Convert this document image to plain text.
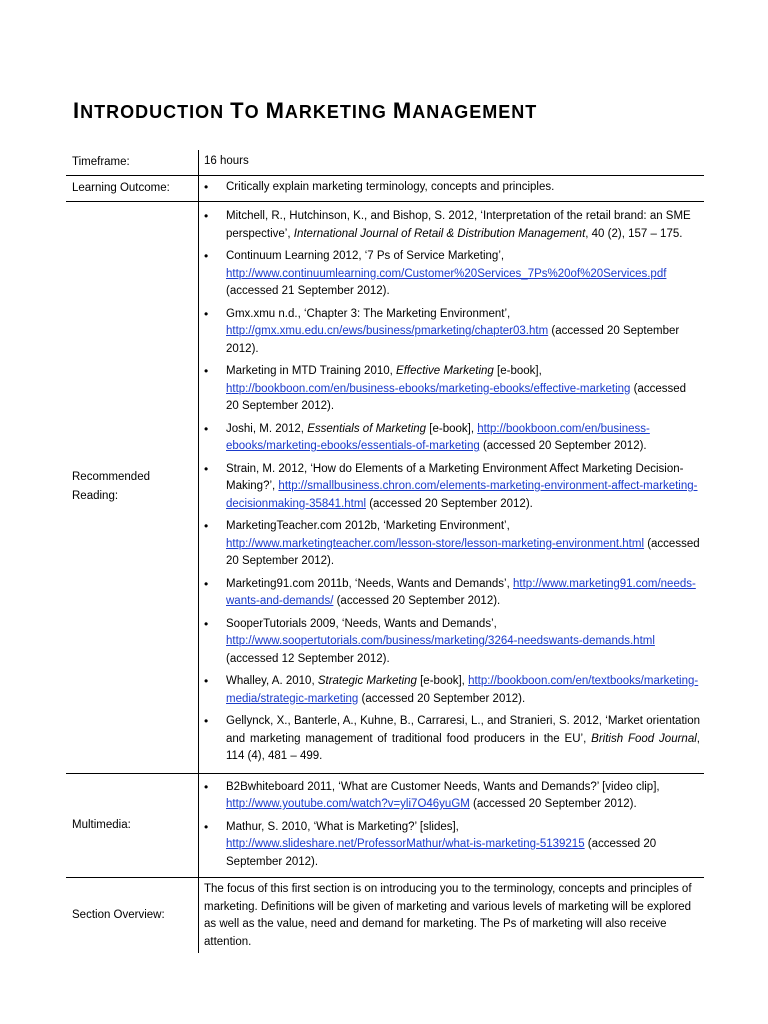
INTRODUCTION TO MARKETING MANAGEMENT
Timeframe:	16 hours
Learning Outcome:
•	Critically explain marketing terminology, concepts and principles.
Recommended Reading:
• Mitchell, R., Hutchinson, K., and Bishop, S. 2012, ‘Interpretation of the retail brand: an SME perspective’, International Journal of Retail & Distribution Management, 40 (2), 157 – 175.
• Continuum Learning 2012, ‘7 Ps of Service Marketing’, http://www.continuumlearning.com/Customer%20Services_7Ps%20of%20Services.pdf (accessed 21 September 2012).
• Gmx.xmu n.d., ‘Chapter 3: The Marketing Environment’, http://gmx.xmu.edu.cn/ews/business/pmarketing/chapter03.htm (accessed 20 September 2012).
• Marketing in MTD Training 2010, Effective Marketing [e-book], http://bookboon.com/en/business-ebooks/marketing-ebooks/effective-marketing (accessed 20 September 2012).
• Joshi, M. 2012, Essentials of Marketing [e-book], http://bookboon.com/en/business-ebooks/marketing-ebooks/essentials-of-marketing (accessed 20 September 2012).
• Strain, M. 2012, ‘How do Elements of a Marketing Environment Affect Marketing Decision-Making?’, http://smallbusiness.chron.com/elements-marketing-environment-affect-marketing-decisionmaking-35841.html (accessed 20 September 2012).
• MarketingTeacher.com 2012b, ‘Marketing Environment’, http://www.marketingteacher.com/lesson-store/lesson-marketing-environment.html (accessed 20 September 2012).
• Marketing91.com 2011b, ‘Needs, Wants and Demands’, http://www.marketing91.com/needs-wants-and-demands/ (accessed 20 September 2012).
• SooperTutorials 2009, ‘Needs, Wants and Demands’, http://www.soopertutorials.com/business/marketing/3264-needswants-demands.html (accessed 12 September 2012).
• Whalley, A. 2010, Strategic Marketing [e-book], http://bookboon.com/en/textbooks/marketing-media/strategic-marketing (accessed 20 September 2012).
• Gellynck, X., Banterle, A., Kuhne, B., Carraresi, L., and Stranieri, S. 2012, ‘Market orientation and marketing management of traditional food producers in the EU’, British Food Journal, 114 (4), 481 – 499.
Multimedia:
• B2Bwhiteboard 2011, ‘What are Customer Needs, Wants and Demands?’ [video clip], http://www.youtube.com/watch?v=yli7O46yuGM (accessed 20 September 2012).
• Mathur, S. 2010, ‘What is Marketing?’ [slides], http://www.slideshare.net/ProfessorMathur/what-is-marketing-5139215 (accessed 20 September 2012).
Section Overview:
The focus of this first section is on introducing you to the terminology, concepts and principles of marketing. Definitions will be given of marketing and various levels of marketing will be explored as well as the value, need and demand for marketing. The Ps of marketing will also receive attention.
